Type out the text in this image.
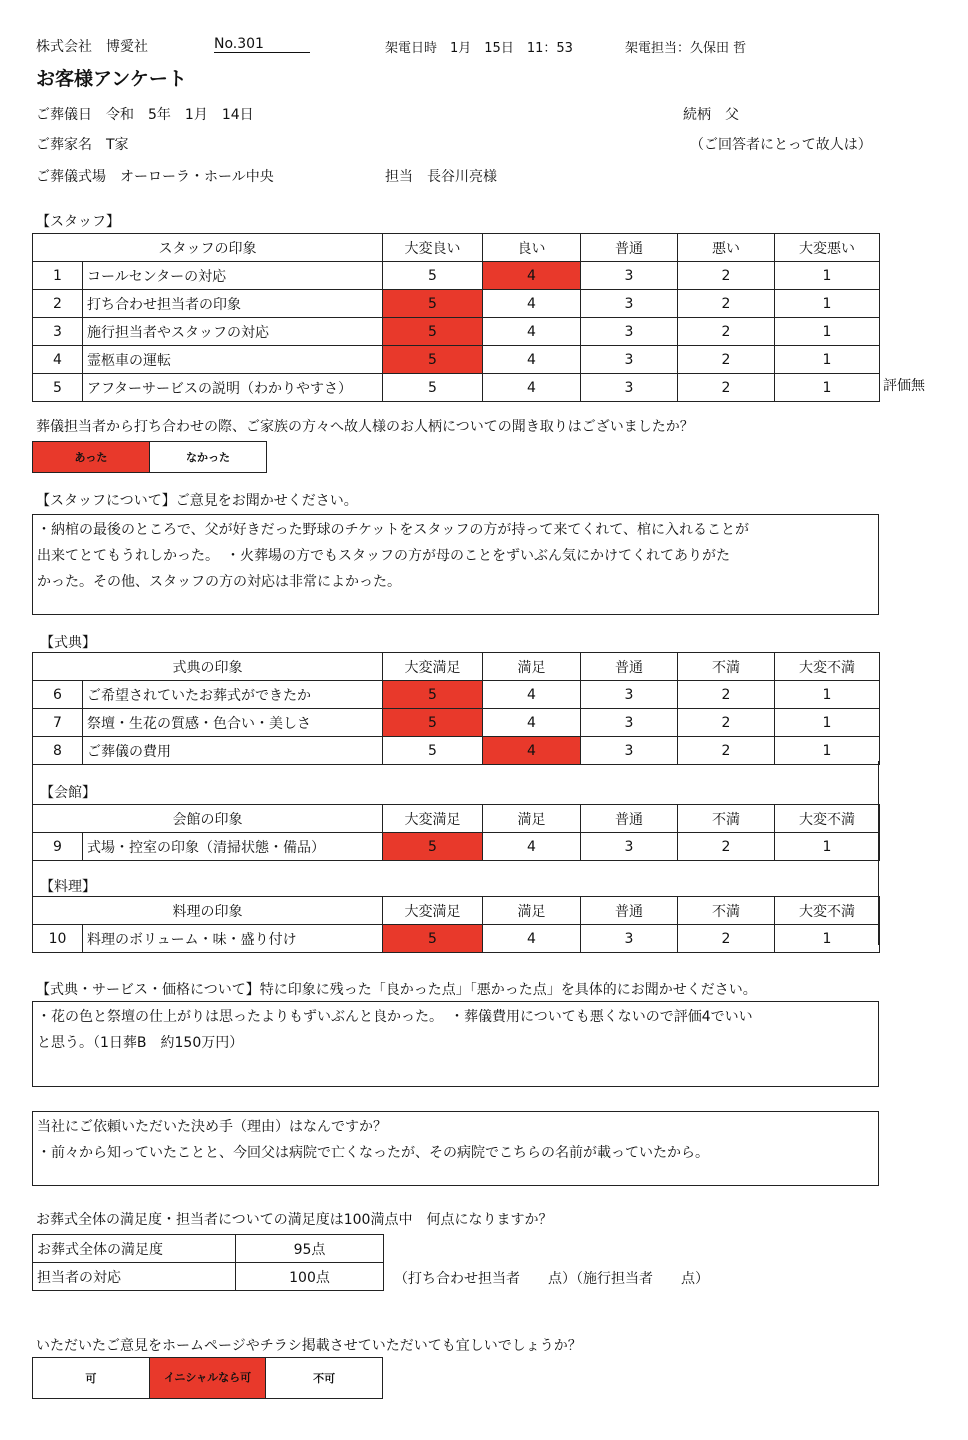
株式会社　博愛社	No.301	架電日時　1月　15日　11：53	架電担当：久保田 哲
お客様アンケート
ご葬儀日　令和　5年　1月　14日	続柄　父
ご葬家名　T家	（ご回答者にとって故人は）
ご葬儀式場　オーローラ・ホール中央	担当　長谷川亮様
【スタッフ】
スタッフの印象		大変良い	良い	普通	悪い	大変悪い
1	コールセンターの対応	5	4	3	2	1
2	打ち合わせ担当者の印象	5	4	3	2	1
3	施行担当者やスタッフの対応	5	4	3	2	1
4	霊柩車の運転	5	4	3	2	1
5	アフターサービスの説明（わかりやすさ）	5	4	3	2	1	評価無
葬儀担当者から打ち合わせの際、ご家族の方々へ故人様のお人柄についての聞き取りはございましたか？
あった	なかった
【スタッフについて】ご意見をお聞かせください。
・納棺の最後のところで、父が好きだった野球のチケットをスタッフの方が持って来てくれて、棺に入れることが
出来てとてもうれしかった。　・火葬場の方でもスタッフの方が母のことをずいぶん気にかけてくれてありがた
かった。その他、スタッフの方の対応は非常によかった。
【式典】
式典の印象		大変満足	満足	普通	不満	大変不満
6	ご希望されていたお葬式ができたか	5	4	3	2	1
7	祭壇・生花の質感・色合い・美しさ	5	4	3	2	1
8	ご葬儀の費用	5	4	3	2	1
【会館】
会館の印象		大変満足	満足	普通	不満	大変不満
9	式場・控室の印象（清掃状態・備品）	5	4	3	2	1
【料理】
料理の印象		大変満足	満足	普通	不満	大変不満
10	料理のボリューム・味・盛り付け	5	4	3	2	1
【式典・サービス・価格について】特に印象に残った「良かった点」「悪かった点」を具体的にお聞かせください。
・花の色と祭壇の仕上がりは思ったよりもずいぶんと良かった。　・葬儀費用についても悪くないので評価4でいい
と思う。（1日葬B　約150万円）
当社にご依頼いただいた決め手（理由）はなんですか？
・前々から知っていたことと、今回父は病院で亡くなったが、その病院でこちらの名前が載っていたから。
お葬式全体の満足度・担当者についての満足度は100満点中　何点になりますか？
お葬式全体の満足度	95点
担当者の対応	100点	（打ち合わせ担当者　　点）（施行担当者　　点）
いただいたご意見をホームページやチラシ掲載させていただいても宜しいでしょうか？
可	イニシャルなら可	不可
